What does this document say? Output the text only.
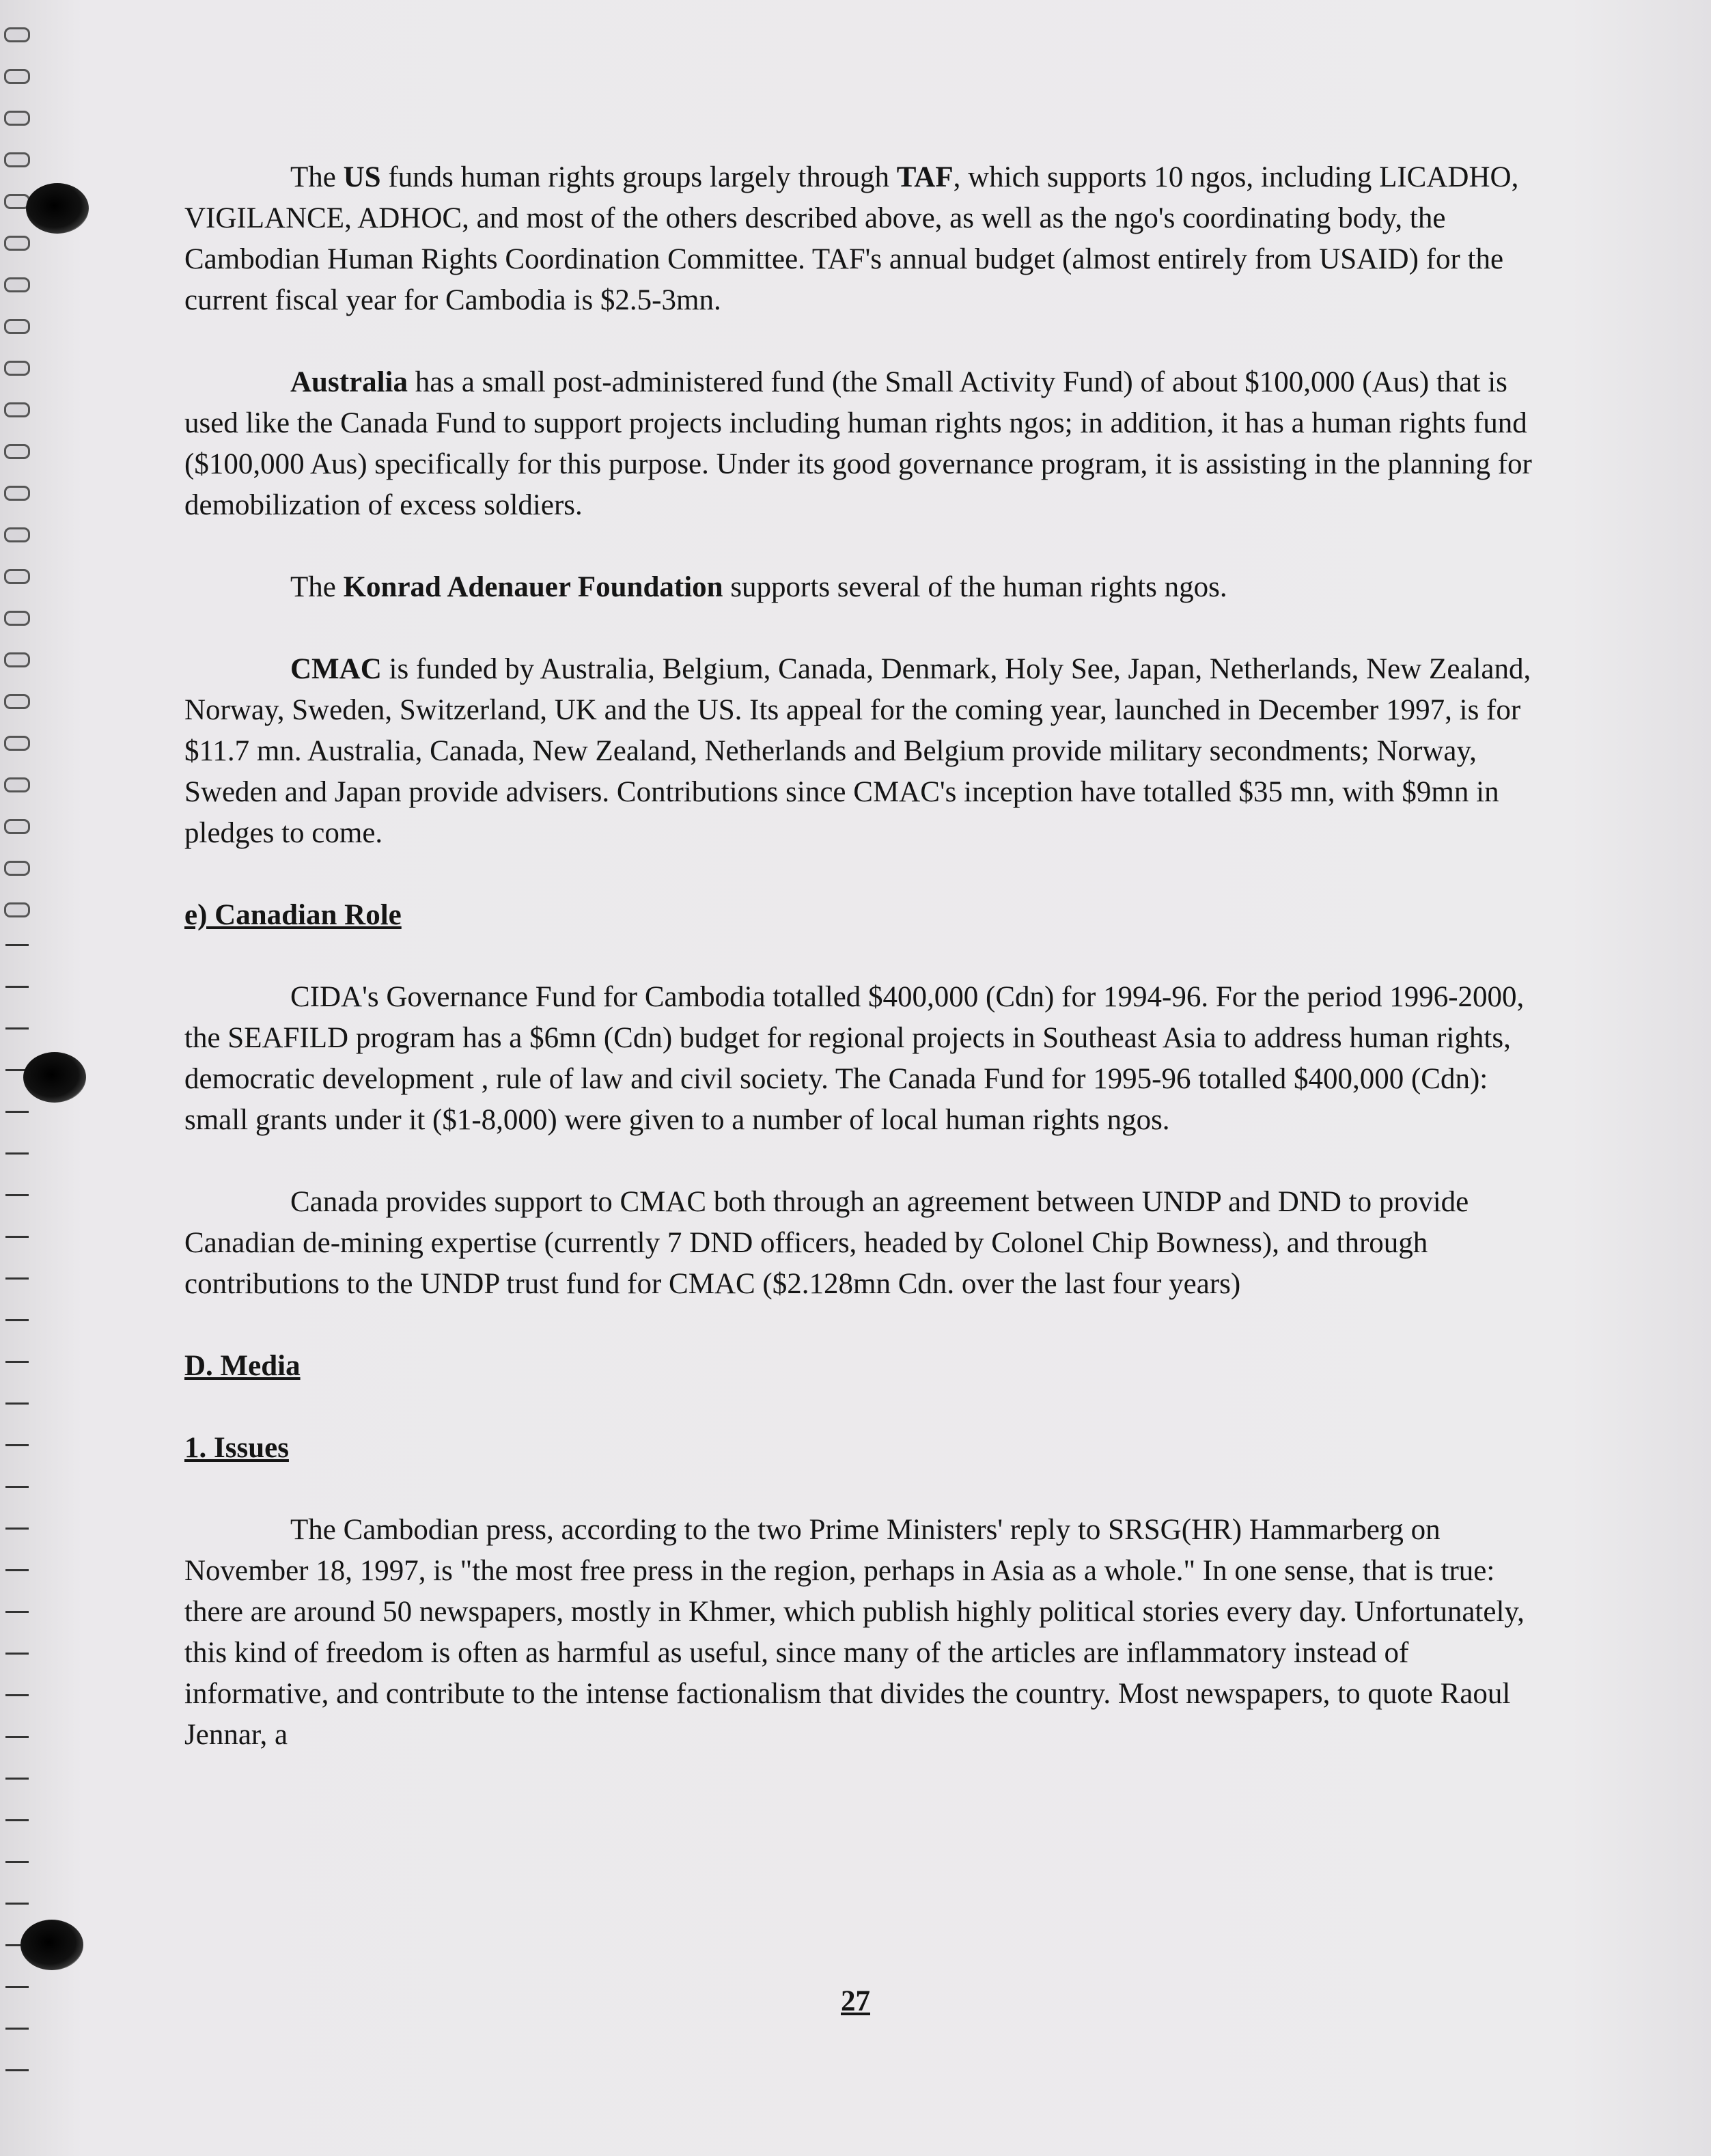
The US funds human rights groups largely through TAF, which supports 10 ngos, including LICADHO, VIGILANCE, ADHOC, and most of the others described above, as well as the ngo's coordinating body, the Cambodian Human Rights Coordination Committee. TAF's annual budget (almost entirely from USAID) for the current fiscal year for Cambodia is $2.5-3mn.

Australia has a small post-administered fund (the Small Activity Fund) of about $100,000 (Aus) that is used like the Canada Fund to support projects including human rights ngos; in addition, it has a human rights fund ($100,000 Aus) specifically for this purpose. Under its good governance program, it is assisting in the planning for demobilization of excess soldiers.

The Konrad Adenauer Foundation supports several of the human rights ngos.

CMAC is funded by Australia, Belgium, Canada, Denmark, Holy See, Japan, Netherlands, New Zealand, Norway, Sweden, Switzerland, UK and the US. Its appeal for the coming year, launched in December 1997, is for $11.7 mn. Australia, Canada, New Zealand, Netherlands and Belgium provide military secondments; Norway, Sweden and Japan provide advisers. Contributions since CMAC's inception have totalled $35 mn, with $9mn in pledges to come.

e) Canadian Role

CIDA's Governance Fund for Cambodia totalled $400,000 (Cdn) for 1994-96. For the period 1996-2000, the SEAFILD program has a $6mn (Cdn) budget for regional projects in Southeast Asia to address human rights, democratic development , rule of law and civil society. The Canada Fund for 1995-96 totalled $400,000 (Cdn): small grants under it ($1-8,000) were given to a number of local human rights ngos.

Canada provides support to CMAC both through an agreement between UNDP and DND to provide Canadian de-mining expertise (currently 7 DND officers, headed by Colonel Chip Bowness), and through contributions to the UNDP trust fund for CMAC ($2.128mn Cdn. over the last four years)

D. Media
1. Issues

The Cambodian press, according to the two Prime Ministers' reply to SRSG(HR) Hammarberg on November 18, 1997, is "the most free press in the region, perhaps in Asia as a whole." In one sense, that is true: there are around 50 newspapers, mostly in Khmer, which publish highly political stories every day. Unfortunately, this kind of freedom is often as harmful as useful, since many of the articles are inflammatory instead of informative, and contribute to the intense factionalism that divides the country. Most newspapers, to quote Raoul Jennar, a

27
